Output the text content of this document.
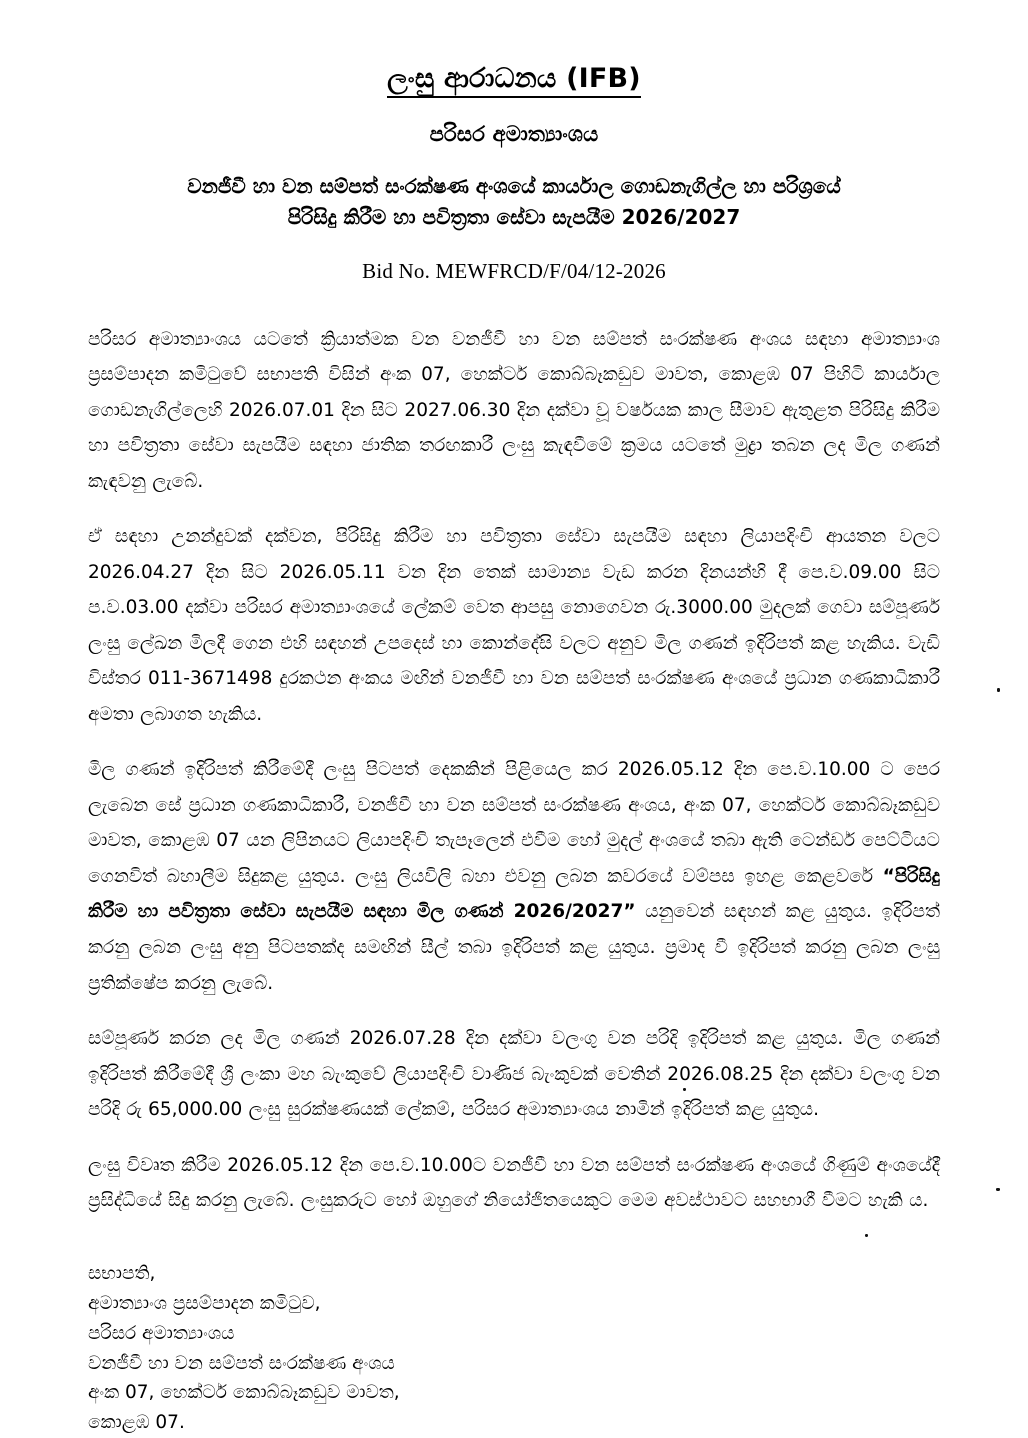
ලංසු ආරාධනය (IFB)
පරිසර අමාත්‍යාංශය
වනජීවී හා වන සම්පත් සංරක්ෂණ අංශයේ කාර්යාල ගොඩනැගිල්ල හා පරිශ්‍රයේ
පිරිසිදු කිරීම හා පවිත්‍රතා සේවා සැපයීම 2026/2027
Bid No. MEWFRCD/F/04/12-2026

පරිසර අමාත්‍යාංශය යටතේ ක්‍රියාත්මක වන වනජීවී හා වන සම්පත් සංරක්ෂණ අංශය සඳහා අමාත්‍යාංශ ප්‍රසම්පාදන කමිටුවේ සභාපති විසින් අංක 07, හෙක්ටර් කොබ්බෑකඩුව මාවත, කොළඹ 07 පිහිටි කාර්යාල ගොඩනැගිල්ලෙහි 2026.07.01 දින සිට 2027.06.30 දින දක්වා වූ වර්ෂයක කාල සීමාව ඇතුළත පිරිසිදු කිරීම හා පවිත්‍රතා සේවා සැපයීම සඳහා ජාතික තරඟකාරී ලංසු කැඳවීමේ ක්‍රමය යටතේ මුද්‍රා තබන ලද මිල ගණන් කැඳවනු ලැබේ.

ඒ සඳහා උනන්දුවක් දක්වන, පිරිසිදු කිරීම හා පවිත්‍රතා සේවා සැපයීම සඳහා ලියාපදිංචි ආයතන වලට 2026.04.27 දින සිට 2026.05.11 වන දින තෙක් සාමාන්‍ය වැඩ කරන දිනයන්හි දී පෙ.ව.09.00 සිට ප.ව.03.00 දක්වා පරිසර අමාත්‍යාංශයේ ලේකම් වෙත ආපසු නොගෙවන රු.3000.00 මුදලක් ගෙවා සම්පූර්ණ ලංසු ලේඛන මිලදී ගෙන එහි සඳහන් උපදෙස් හා කොන්දේසි වලට අනුව මිල ගණන් ඉදිරිපත් කළ හැකිය. වැඩි විස්තර 011-3671498 දුරකථන අංකය මඟින් වනජීවී හා වන සම්පත් සංරක්ෂණ අංශයේ ප්‍රධාන ගණකාධිකාරී අමතා ලබාගත හැකිය.

මිල ගණන් ඉදිරිපත් කිරීමේදී ලංසු පිටපත් දෙකකින් පිළියෙල කර 2026.05.12 දින පෙ.ව.10.00 ට පෙර ලැබෙන සේ ප්‍රධාන ගණකාධිකාරී, වනජීවී හා වන සම්පත් සංරක්ෂණ අංශය, අංක 07, හෙක්ටර් කොබ්බෑකඩුව මාවත, කොළඹ 07 යන ලිපිනයට ලියාපදිංචි තැපෑලෙන් එවීම හෝ මුදල් අංශයේ තබා ඇති ටෙන්ඩර් පෙට්ටියට ගෙනවිත් බහාලීම සිදුකළ යුතුය. ලංසු ලියවිලි බහා එවනු ලබන කවරයේ වම්පස ඉහළ කෙළවරේ “පිරිසිදු කිරීම හා පවිත්‍රතා සේවා සැපයීම සඳහා මිල ගණන් 2026/2027” යනුවෙන් සඳහන් කළ යුතුය. ඉදිරිපත් කරනු ලබන ලංසු අනු පිටපතක්ද සමඟින් සීල් තබා ඉදිරිපත් කළ යුතුය. ප්‍රමාද වී ඉදිරිපත් කරනු ලබන ලංසු ප්‍රතික්ෂේප කරනු ලැබේ.

සම්පූර්ණ කරන ලද මිල ගණන් 2026.07.28 දින දක්වා වලංගු වන පරිදි ඉදිරිපත් කළ යුතුය. මිල ගණන් ඉදිරිපත් කිරීමේදී ශ්‍රී ලංකා මහ බැංකුවේ ලියාපදිංචි වාණිජ බැංකුවක් වෙතින් 2026.08.25 දින දක්වා වලංගු වන පරිදි රු 65,000.00 ලංසු සුරක්ෂණයක් ලේකම්, පරිසර අමාත්‍යාංශය නාමින් ඉදිරිපත් කළ යුතුය.

ලංසු විවෘත කිරීම 2026.05.12 දින පෙ.ව.10.00ට වනජීවී හා වන සම්පත් සංරක්ෂණ අංශයේ ගිණුම් අංශයේදී ප්‍රසිද්ධියේ සිදු කරනු ලැබේ. ලංසුකරුට හෝ ඔහුගේ නියෝජිතයෙකුට මෙම අවස්ථාවට සහභාගී වීමට හැකි ය.

සභාපති,
අමාත්‍යාංශ ප්‍රසම්පාදන කමිටුව,
පරිසර අමාත්‍යාංශය
වනජීවී හා වන සම්පත් සංරක්ෂණ අංශය
අංක 07, හෙක්ටර් කොබ්බෑකඩුව මාවත,
කොළඹ 07.
